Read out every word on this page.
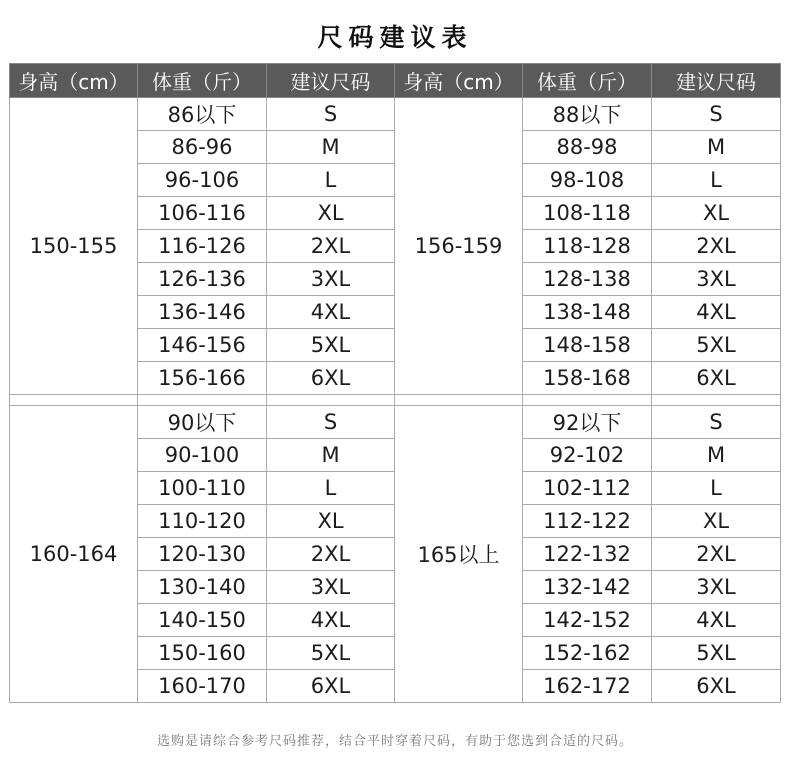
尺码建议表
身高（cm）	体重（斤）	建议尺码	身高（cm）	体重（斤）	建议尺码
150-155	86以下	S	156-159	88以下	S
	86-96	M		88-98	M
	96-106	L		98-108	L
	106-116	XL		108-118	XL
	116-126	2XL		118-128	2XL
	126-136	3XL		128-138	3XL
	136-146	4XL		138-148	4XL
	146-156	5XL		148-158	5XL
	156-166	6XL		158-168	6XL

160-164	90以下	S	165以上	92以下	S
	90-100	M		92-102	M
	100-110	L		102-112	L
	110-120	XL		112-122	XL
	120-130	2XL		122-132	2XL
	130-140	3XL		132-142	3XL
	140-150	4XL		142-152	4XL
	150-160	5XL		152-162	5XL
	160-170	6XL		162-172	6XL
选购是请综合参考尺码推荐，结合平时穿着尺码，有助于您选到合适的尺码。
